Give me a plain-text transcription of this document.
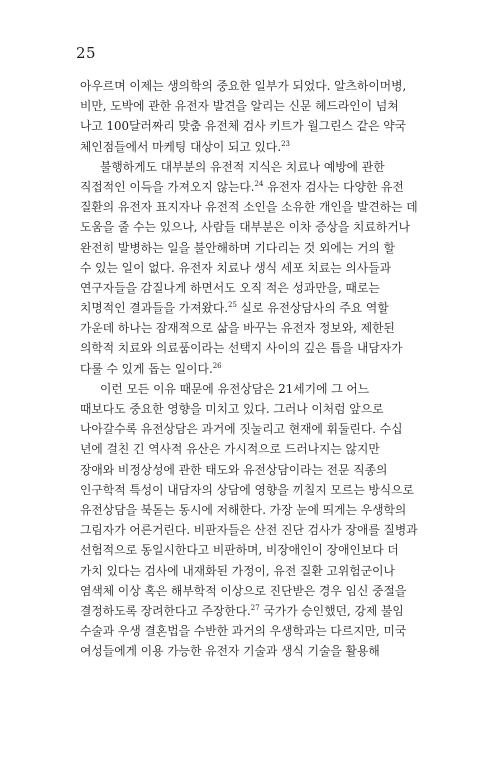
25
아우르며 이제는 생의학의 중요한 일부가 되었다. 알츠하이머병,
비만, 도박에 관한 유전자 발견을 알리는 신문 헤드라인이 넘쳐
나고 100달러짜리 맞춤 유전체 검사 키트가 월그린스 같은 약국
체인점들에서 마케팅 대상이 되고 있다.$^{23}$
불행하게도 대부분의 유전적 지식은 치료나 예방에 관한
직접적인 이득을 가져오지 않는다.$^{24}$ 유전자 검사는 다양한 유전
질환의 유전자 표지자나 유전적 소인을 소유한 개인을 발견하는 데
도움을 줄 수는 있으나, 사람들 대부분은 이차 증상을 치료하거나
완전히 발병하는 일을 불안해하며 기다리는 것 외에는 거의 할
수 있는 일이 없다. 유전자 치료나 생식 세포 치료는 의사들과
연구자들을 감질나게 하면서도 오직 적은 성과만을, 때로는
치명적인 결과들을 가져왔다.$^{25}$ 실로 유전상담사의 주요 역할
가운데 하나는 잠재적으로 삶을 바꾸는 유전자 정보와, 제한된
의학적 치료와 의료품이라는 선택지 사이의 깊은 틈을 내담자가
다룰 수 있게 돕는 일이다.$^{26}$
이런 모든 이유 때문에 유전상담은 21세기에 그 어느
때보다도 중요한 영향을 미치고 있다. 그러나 이처럼 앞으로
나아갈수록 유전상담은 과거에 짓눌리고 현재에 휘둘린다. 수십
년에 걸친 긴 역사적 유산은 가시적으로 드러나지는 않지만
장애와 비정상성에 관한 태도와 유전상담이라는 전문 직종의
인구학적 특성이 내담자의 상담에 영향을 끼칠지 모르는 방식으로
유전상담을 북돋는 동시에 저해한다. 가장 눈에 띄게는 우생학의
그림자가 어른거린다. 비판자들은 산전 진단 검사가 장애를 질병과
선험적으로 동일시한다고 비판하며, 비장애인이 장애인보다 더
가치 있다는 검사에 내재화된 가정이, 유전 질환 고위험군이나
염색체 이상 혹은 해부학적 이상으로 진단받은 경우 임신 중절을
결정하도록 장려한다고 주장한다.$^{27}$ 국가가 승인했던, 강제 불임
수술과 우생 결혼법을 수반한 과거의 우생학과는 다르지만, 미국
여성들에게 이용 가능한 유전자 기술과 생식 기술을 활용해
